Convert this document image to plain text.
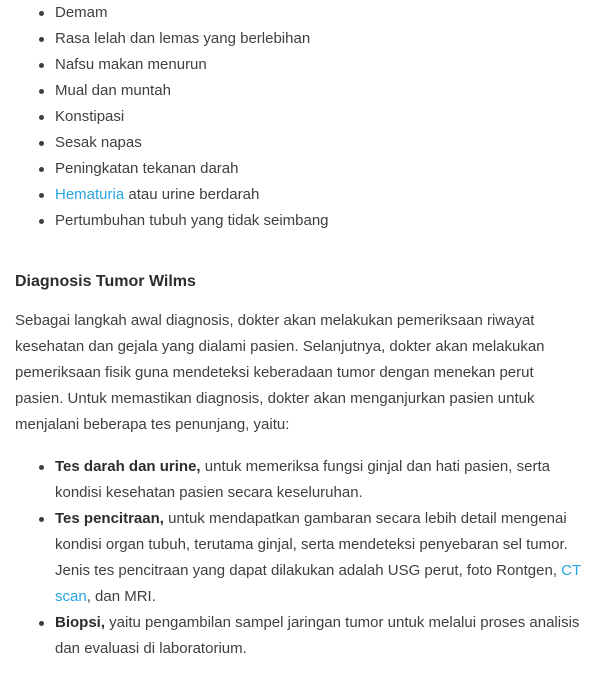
Demam
Rasa lelah dan lemas yang berlebihan
Nafsu makan menurun
Mual dan muntah
Konstipasi
Sesak napas
Peningkatan tekanan darah
Hematuria atau urine berdarah
Pertumbuhan tubuh yang tidak seimbang
Diagnosis Tumor Wilms

Sebagai langkah awal diagnosis, dokter akan melakukan pemeriksaan riwayat kesehatan dan gejala yang dialami pasien. Selanjutnya, dokter akan melakukan pemeriksaan fisik guna mendeteksi keberadaan tumor dengan menekan perut pasien. Untuk memastikan diagnosis, dokter akan menganjurkan pasien untuk menjalani beberapa tes penunjang, yaitu:

Tes darah dan urine, untuk memeriksa fungsi ginjal dan hati pasien, serta kondisi kesehatan pasien secara keseluruhan.
Tes pencitraan, untuk mendapatkan gambaran secara lebih detail mengenai kondisi organ tubuh, terutama ginjal, serta mendeteksi penyebaran sel tumor. Jenis tes pencitraan yang dapat dilakukan adalah USG perut, foto Rontgen, CT scan, dan MRI.
Biopsi, yaitu pengambilan sampel jaringan tumor untuk melalui proses analisis dan evaluasi di laboratorium.
